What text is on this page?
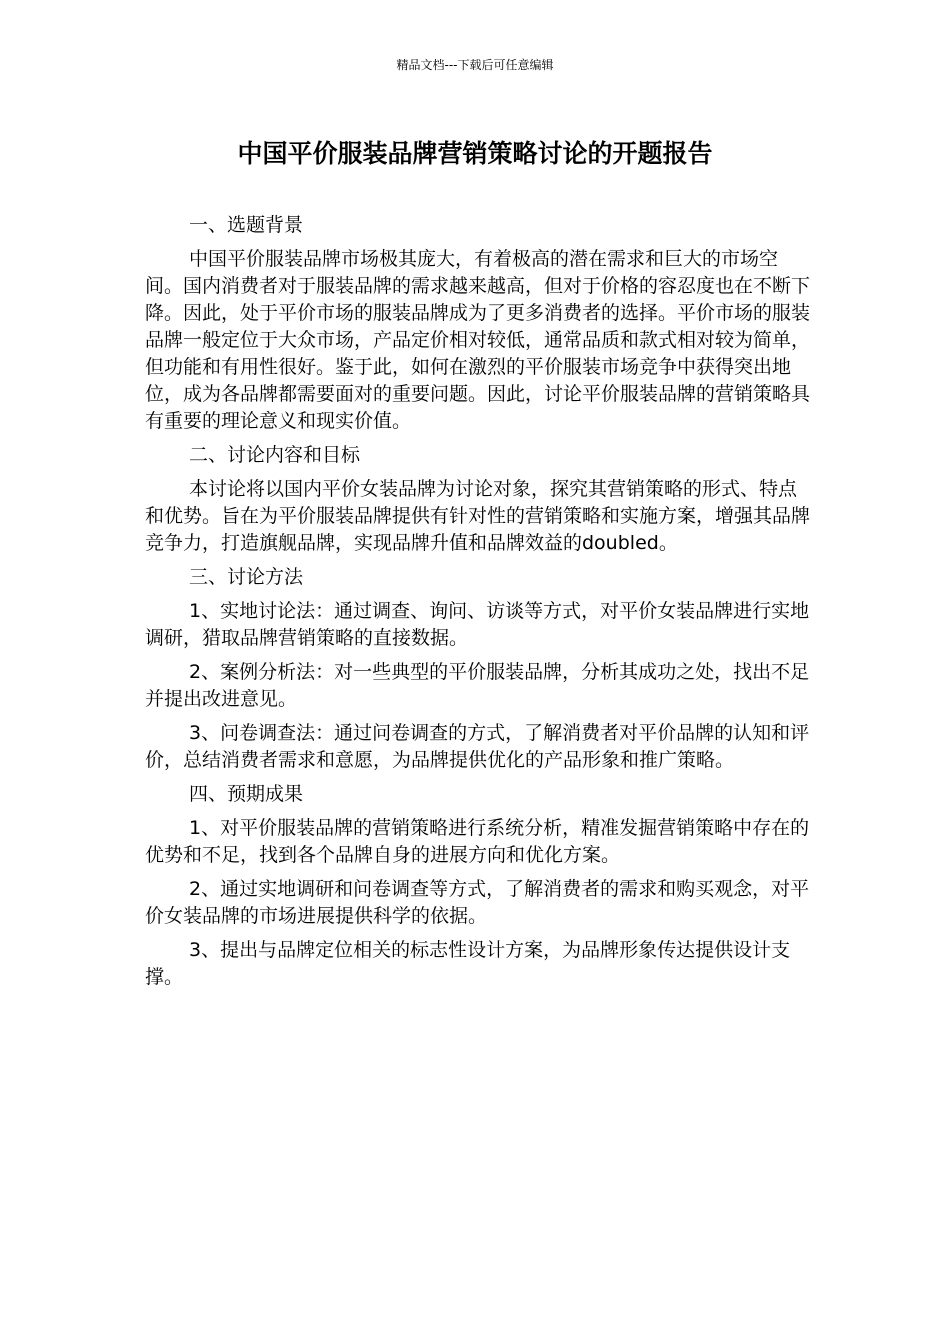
精品文档---下载后可任意编辑
中国平价服装品牌营销策略讨论的开题报告

一、选题背景

中国平价服装品牌市场极其庞大，有着极高的潜在需求和巨大的市场空间。国内消费者对于服装品牌的需求越来越高，但对于价格的容忍度也在不断下降。因此，处于平价市场的服装品牌成为了更多消费者的选择。平价市场的服装品牌一般定位于大众市场，产品定价相对较低，通常品质和款式相对较为简单，但功能和有用性很好。鉴于此，如何在激烈的平价服装市场竞争中获得突出地位，成为各品牌都需要面对的重要问题。因此，讨论平价服装品牌的营销策略具有重要的理论意义和现实价值。

二、讨论内容和目标

本讨论将以国内平价女装品牌为讨论对象，探究其营销策略的形式、特点和优势。旨在为平价服装品牌提供有针对性的营销策略和实施方案，增强其品牌竞争力，打造旗舰品牌，实现品牌升值和品牌效益的doubled。

三、讨论方法

1、实地讨论法：通过调查、询问、访谈等方式，对平价女装品牌进行实地调研，猎取品牌营销策略的直接数据。

2、案例分析法：对一些典型的平价服装品牌，分析其成功之处，找出不足并提出改进意见。

3、问卷调查法：通过问卷调查的方式，了解消费者对平价品牌的认知和评价，总结消费者需求和意愿，为品牌提供优化的产品形象和推广策略。

四、预期成果

1、对平价服装品牌的营销策略进行系统分析，精准发掘营销策略中存在的优势和不足，找到各个品牌自身的进展方向和优化方案。

2、通过实地调研和问卷调查等方式，了解消费者的需求和购买观念，对平价女装品牌的市场进展提供科学的依据。

3、提出与品牌定位相关的标志性设计方案，为品牌形象传达提供设计支撑。
